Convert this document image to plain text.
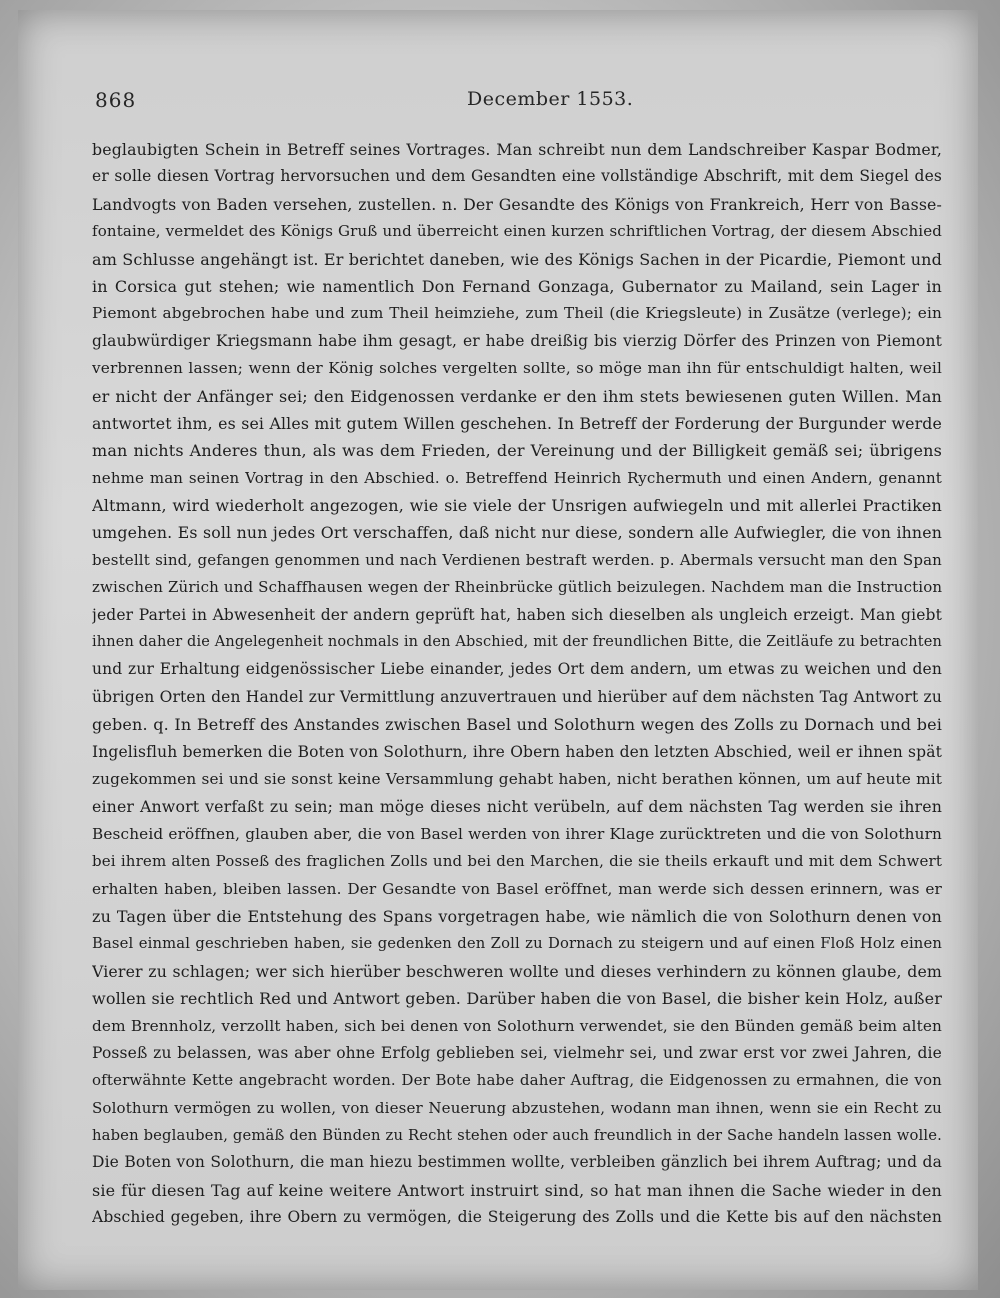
868	December 1553.
beglaubigten Schein in Betreff seines Vortrages. Man schreibt nun dem Landschreiber Kaspar Bodmer,
er solle diesen Vortrag hervorsuchen und dem Gesandten eine vollständige Abschrift, mit dem Siegel des
Landvogts von Baden versehen, zustellen. n. Der Gesandte des Königs von Frankreich, Herr von Basse-
fontaine, vermeldet des Königs Gruß und überreicht einen kurzen schriftlichen Vortrag, der diesem Abschied
am Schlusse angehängt ist. Er berichtet daneben, wie des Königs Sachen in der Picardie, Piemont und
in Corsica gut stehen; wie namentlich Don Fernand Gonzaga, Gubernator zu Mailand, sein Lager in
Piemont abgebrochen habe und zum Theil heimziehe, zum Theil (die Kriegsleute) in Zusätze (verlege); ein
glaubwürdiger Kriegsmann habe ihm gesagt, er habe dreißig bis vierzig Dörfer des Prinzen von Piemont
verbrennen lassen; wenn der König solches vergelten sollte, so möge man ihn für entschuldigt halten, weil
er nicht der Anfänger sei; den Eidgenossen verdanke er den ihm stets bewiesenen guten Willen. Man
antwortet ihm, es sei Alles mit gutem Willen geschehen. In Betreff der Forderung der Burgunder werde
man nichts Anderes thun, als was dem Frieden, der Vereinung und der Billigkeit gemäß sei; übrigens
nehme man seinen Vortrag in den Abschied. o. Betreffend Heinrich Rychermuth und einen Andern, genannt
Altmann, wird wiederholt angezogen, wie sie viele der Unsrigen aufwiegeln und mit allerlei Practiken
umgehen. Es soll nun jedes Ort verschaffen, daß nicht nur diese, sondern alle Aufwiegler, die von ihnen
bestellt sind, gefangen genommen und nach Verdienen bestraft werden. p. Abermals versucht man den Span
zwischen Zürich und Schaffhausen wegen der Rheinbrücke gütlich beizulegen. Nachdem man die Instruction
jeder Partei in Abwesenheit der andern geprüft hat, haben sich dieselben als ungleich erzeigt. Man giebt
ihnen daher die Angelegenheit nochmals in den Abschied, mit der freundlichen Bitte, die Zeitläufe zu betrachten
und zur Erhaltung eidgenössischer Liebe einander, jedes Ort dem andern, um etwas zu weichen und den
übrigen Orten den Handel zur Vermittlung anzuvertrauen und hierüber auf dem nächsten Tag Antwort zu
geben. q. In Betreff des Anstandes zwischen Basel und Solothurn wegen des Zolls zu Dornach und bei
Ingelisfluh bemerken die Boten von Solothurn, ihre Obern haben den letzten Abschied, weil er ihnen spät
zugekommen sei und sie sonst keine Versammlung gehabt haben, nicht berathen können, um auf heute mit
einer Anwort verfaßt zu sein; man möge dieses nicht verübeln, auf dem nächsten Tag werden sie ihren
Bescheid eröffnen, glauben aber, die von Basel werden von ihrer Klage zurücktreten und die von Solothurn
bei ihrem alten Posseß des fraglichen Zolls und bei den Marchen, die sie theils erkauft und mit dem Schwert
erhalten haben, bleiben lassen. Der Gesandte von Basel eröffnet, man werde sich dessen erinnern, was er
zu Tagen über die Entstehung des Spans vorgetragen habe, wie nämlich die von Solothurn denen von
Basel einmal geschrieben haben, sie gedenken den Zoll zu Dornach zu steigern und auf einen Floß Holz einen
Vierer zu schlagen; wer sich hierüber beschweren wollte und dieses verhindern zu können glaube, dem
wollen sie rechtlich Red und Antwort geben. Darüber haben die von Basel, die bisher kein Holz, außer
dem Brennholz, verzollt haben, sich bei denen von Solothurn verwendet, sie den Bünden gemäß beim alten
Posseß zu belassen, was aber ohne Erfolg geblieben sei, vielmehr sei, und zwar erst vor zwei Jahren, die
ofterwähnte Kette angebracht worden. Der Bote habe daher Auftrag, die Eidgenossen zu ermahnen, die von
Solothurn vermögen zu wollen, von dieser Neuerung abzustehen, wodann man ihnen, wenn sie ein Recht zu
haben beglauben, gemäß den Bünden zu Recht stehen oder auch freundlich in der Sache handeln lassen wolle.
Die Boten von Solothurn, die man hiezu bestimmen wollte, verbleiben gänzlich bei ihrem Auftrag; und da
sie für diesen Tag auf keine weitere Antwort instruirt sind, so hat man ihnen die Sache wieder in den
Abschied gegeben, ihre Obern zu vermögen, die Steigerung des Zolls und die Kette bis auf den nächsten
